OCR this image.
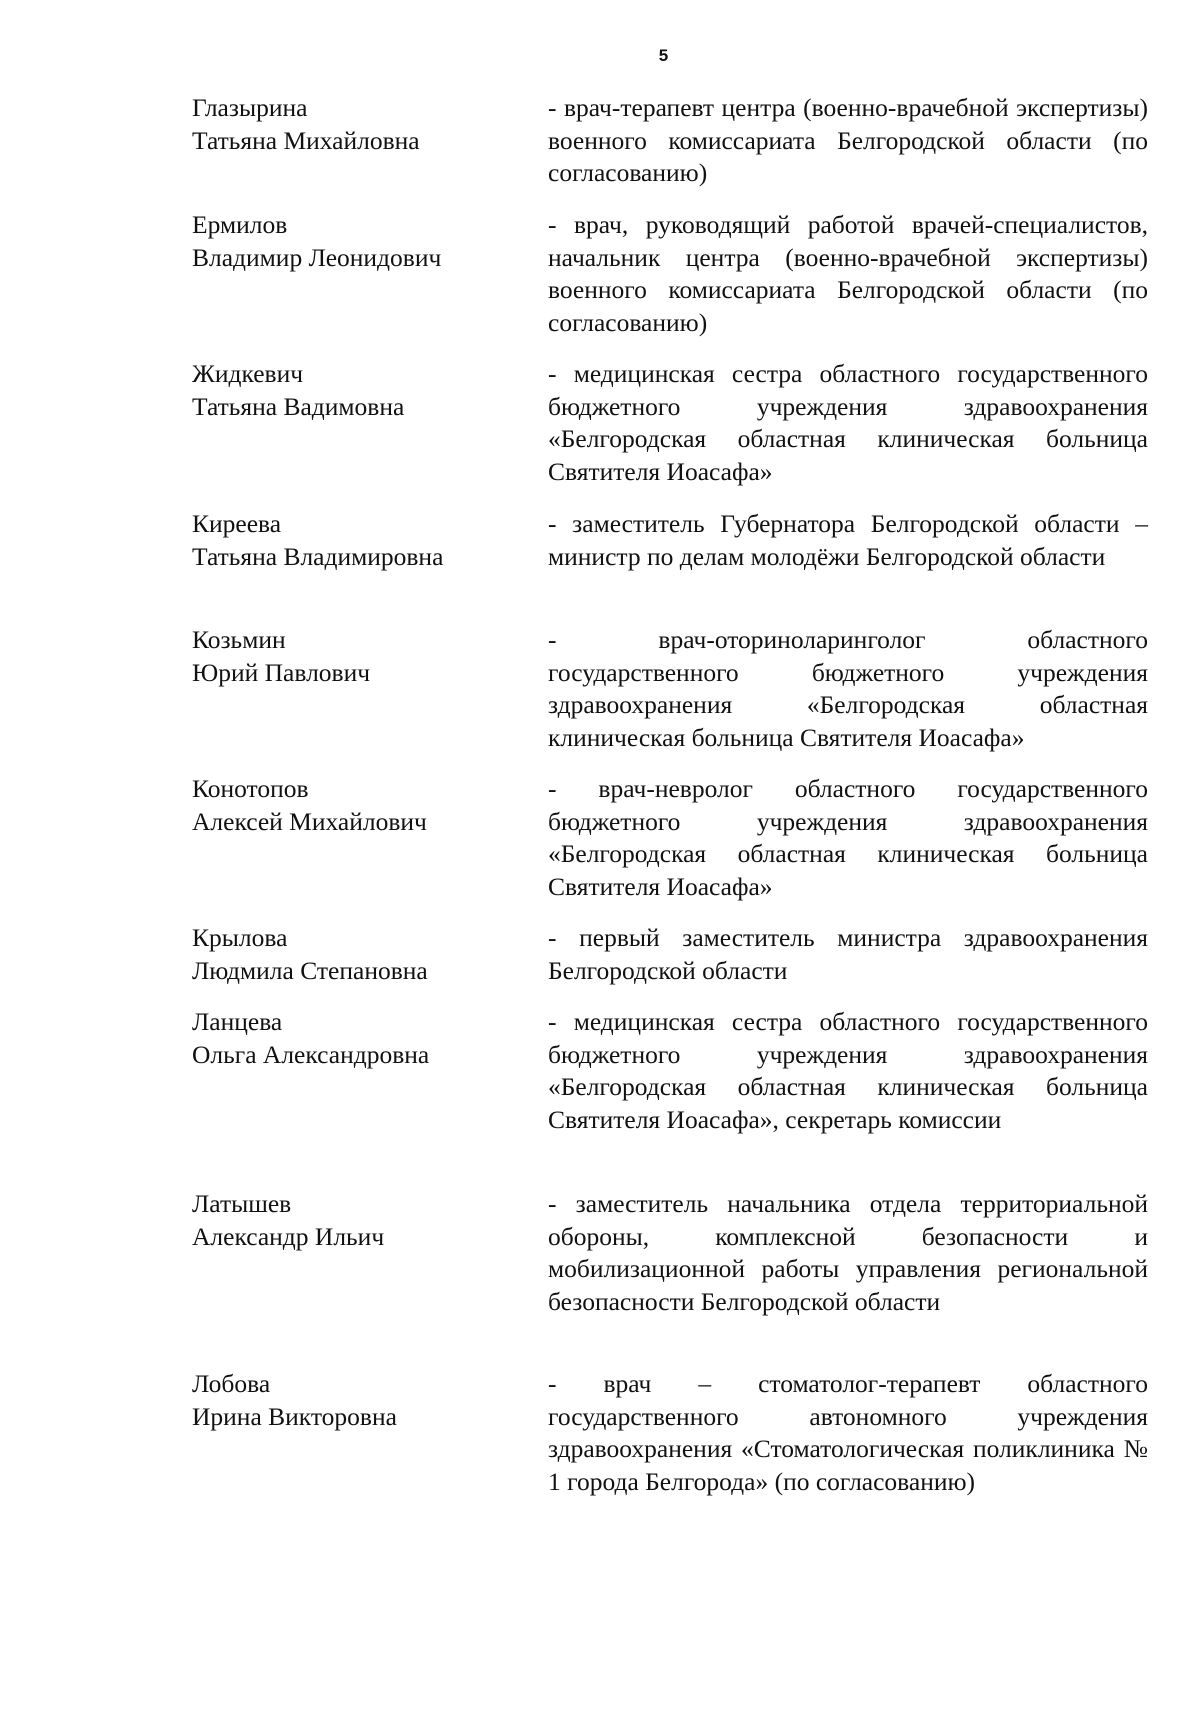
5
Глазырина
Татьяна Михайловна
- врач-терапевт центра (военно-врачебной экспертизы) военного комиссариата Белгородской области (по согласованию)
Ермилов
Владимир Леонидович
- врач, руководящий работой врачей-специалистов, начальник центра (военно-врачебной экспертизы) военного комиссариата Белгородской области (по согласованию)
Жидкевич
Татьяна Вадимовна
- медицинская сестра областного государственного бюджетного учреждения здравоохранения «Белгородская областная клиническая больница Святителя Иоасафа»
Киреева
Татьяна Владимировна
- заместитель Губернатора Белгородской области – министр по делам молодёжи Белгородской области
Козьмин
Юрий Павлович
- врач-оториноларинголог областного государственного бюджетного учреждения здравоохранения «Белгородская областная клиническая больница Святителя Иоасафа»
Конотопов
Алексей Михайлович
- врач-невролог областного государственного бюджетного учреждения здравоохранения «Белгородская областная клиническая больница Святителя Иоасафа»
Крылова
Людмила Степановна
- первый заместитель министра здравоохранения Белгородской области
Ланцева
Ольга Александровна
- медицинская сестра областного государственного бюджетного учреждения здравоохранения «Белгородская областная клиническая больница Святителя Иоасафа», секретарь комиссии
Латышев
Александр Ильич
- заместитель начальника отдела территориальной обороны, комплексной безопасности и мобилизационной работы управления региональной безопасности Белгородской области
Лобова
Ирина Викторовна
- врач – стоматолог-терапевт областного государственного автономного учреждения здравоохранения «Стоматологическая поликлиника № 1 города Белгорода» (по согласованию)
